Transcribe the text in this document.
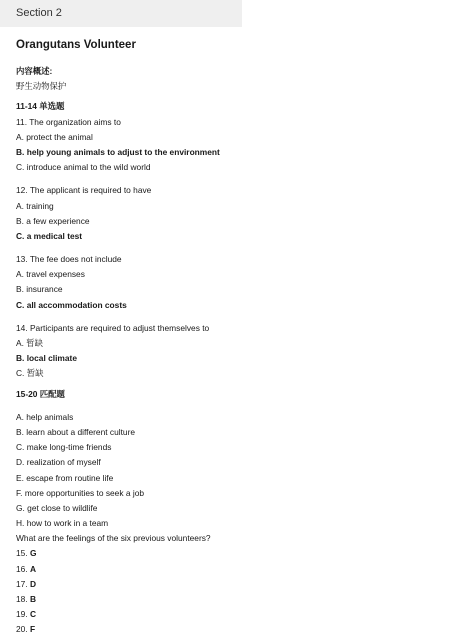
Section 2
Orangutans Volunteer
内容概述:
野生动物保护
11-14 单选题
11. The organization aims to
A. protect the animal
B. help young animals to adjust to the environment
C. introduce animal to the wild world
12. The applicant is required to have
A. training
B. a few experience
C. a medical test
13. The fee does not include
A. travel expenses
B. insurance
C. all accommodation costs
14. Participants are required to adjust themselves to
A. 暂缺
B. local climate
C. 暂缺
15-20 匹配题
A. help animals
B. learn about a different culture
C. make long-time friends
D. realization of myself
E. escape from routine life
F. more opportunities to seek a job
G. get close to wildlife
H. how to work in a team
What are the feelings of the six previous volunteers?
15. G
16. A
17. D
18. B
19. C
20. F
